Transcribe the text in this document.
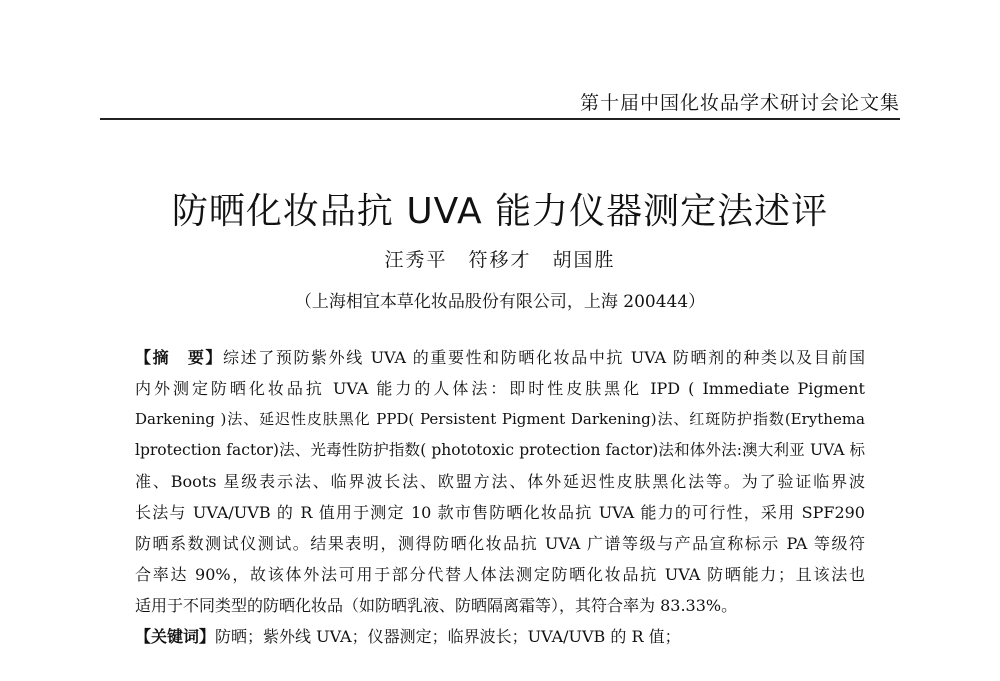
第十届中国化妆品学术研讨会论文集
防晒化妆品抗 UVA 能力仪器测定法述评
汪秀平　符移才　胡国胜
（上海相宜本草化妆品股份有限公司，上海 200444）
【摘　要】综述了预防紫外线 UVA 的重要性和防晒化妆品中抗 UVA 防晒剂的种类以及目前国
内外测定防晒化妆品抗 UVA 能力的人体法：即时性皮肤黑化 IPD ( Immediate Pigment
Darkening )法、延迟性皮肤黑化 PPD( Persistent Pigment Darkening)法、红斑防护指数(Erythema
lprotection factor)法、光毒性防护指数( phototoxic protection factor)法和体外法:澳大利亚 UVA 标
准、Boots 星级表示法、临界波长法、欧盟方法、体外延迟性皮肤黑化法等。为了验证临界波
长法与 UVA/UVB 的 R 值用于测定 10 款市售防晒化妆品抗 UVA 能力的可行性，采用 SPF290
防晒系数测试仪测试。结果表明，测得防晒化妆品抗 UVA 广谱等级与产品宣称标示 PA 等级符
合率达 90%，故该体外法可用于部分代替人体法测定防晒化妆品抗 UVA 防晒能力；且该法也
适用于不同类型的防晒化妆品（如防晒乳液、防晒隔离霜等），其符合率为 83.33%。
【关键词】防晒；紫外线 UVA；仪器测定；临界波长；UVA/UVB 的 R 值；
